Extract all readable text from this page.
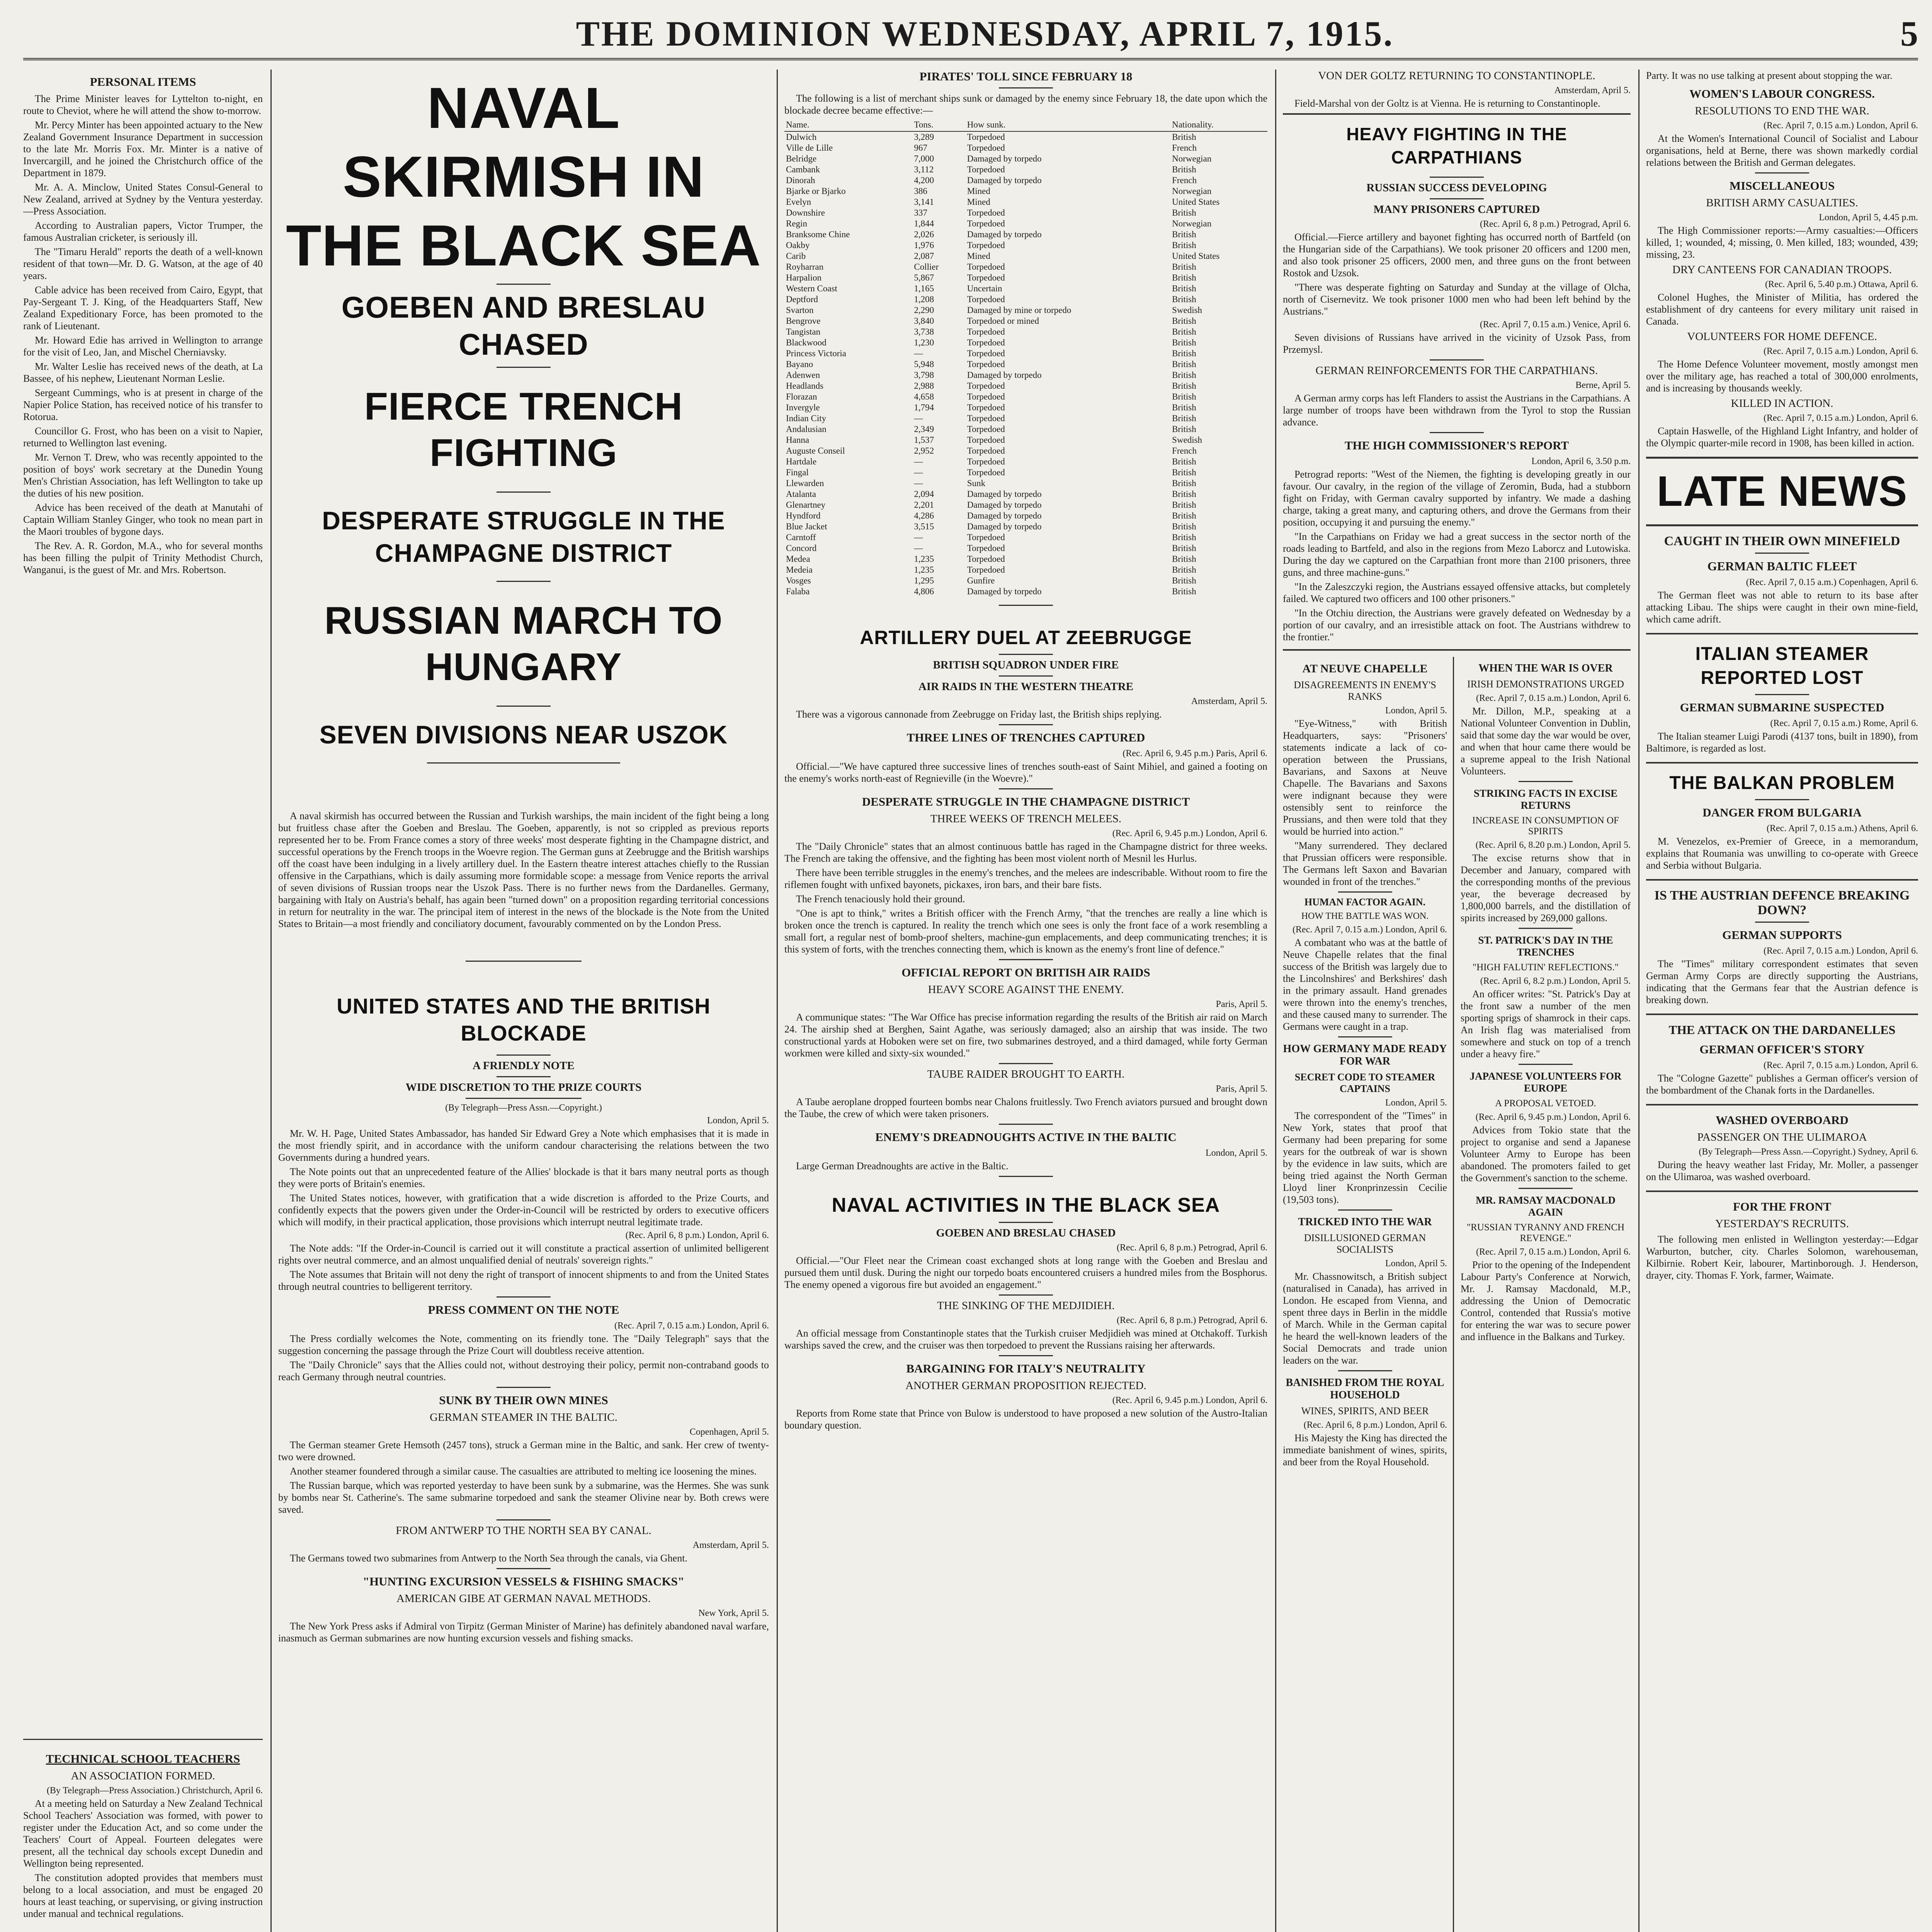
THE DOMINION WEDNESDAY, APRIL 7, 1915.	5
PERSONAL ITEMS

The Prime Minister leaves for Lyttelton to-night, en route to Cheviot, where he will attend the show to-morrow.

Mr. Percy Minter has been appointed actuary to the New Zealand Government Insurance Department in succession to the late Mr. Morris Fox. Mr. Minter is a native of Invercargill, and he joined the Christchurch office of the Department in 1879.

Mr. A. A. Minclow, United States Consul-General to New Zealand, arrived at Sydney by the Ventura yesterday.—Press Association.

According to Australian papers, Victor Trumper, the famous Australian cricketer, is seriously ill.

The "Timaru Herald" reports the death of a well-known resident of that town—Mr. D. G. Watson, at the age of 40 years.

Cable advice has been received from Cairo, Egypt, that Pay-Sergeant T. J. King, of the Headquarters Staff, New Zealand Expeditionary Force, has been promoted to the rank of Lieutenant.

Mr. Howard Edie has arrived in Wellington to arrange for the visit of Leo, Jan, and Mischel Cherniavsky.

Mr. Walter Leslie has received news of the death, at La Bassee, of his nephew, Lieutenant Norman Leslie.

Sergeant Cummings, who is at present in charge of the Napier Police Station, has received notice of his transfer to Rotorua.

Councillor G. Frost, who has been on a visit to Napier, returned to Wellington last evening.

Mr. Vernon T. Drew, who was recently appointed to the position of boys' work secretary at the Dunedin Young Men's Christian Association, has left Wellington to take up the duties of his new position.

Advice has been received of the death at Manutahi of Captain William Stanley Ginger, who took no mean part in the Maori troubles of bygone days.

The Rev. A. R. Gordon, M.A., who for several months has been filling the pulpit of Trinity Methodist Church, Wanganui, is the guest of Mr. and Mrs. Robertson.

TECHNICAL SCHOOL TEACHERS
AN ASSOCIATION FORMED.
(By Telegraph—Press Association.) Christchurch, April 6.

At a meeting held on Saturday a New Zealand Technical School Teachers' Association was formed, with power to register under the Education Act, and so come under the Teachers' Court of Appeal. Fourteen delegates were present, all the technical day schools except Dunedin and Wellington being represented.

The constitution adopted provides that members must belong to a local association, and must be engaged 20 hours at least teaching, or supervising, or giving instruction under manual and technical regulations.

NAVAL SKIRMISH IN THE BLACK SEA
GOEBEN AND BRESLAU CHASED
FIERCE TRENCH FIGHTING
DESPERATE STRUGGLE IN THE CHAMPAGNE DISTRICT
RUSSIAN MARCH TO HUNGARY
SEVEN DIVISIONS NEAR USZOK

A naval skirmish has occurred between the Russian and Turkish warships, the main incident of the fight being a long but fruitless chase after the Goeben and Breslau. The Goeben, apparently, is not so crippled as previous reports represented her to be. From France comes a story of three weeks' most desperate fighting in the Champagne district, and successful operations by the French troops in the Woevre region. The German guns at Zeebrugge and the British warships off the coast have been indulging in a lively artillery duel. In the Eastern theatre interest attaches chiefly to the Russian offensive in the Carpathians, which is daily assuming more formidable scope: a message from Venice reports the arrival of seven divisions of Russian troops near the Uszok Pass. There is no further news from the Dardanelles. Germany, bargaining with Italy on Austria's behalf, has again been "turned down" on a proposition regarding territorial concessions in return for neutrality in the war. The principal item of interest in the news of the blockade is the Note from the United States to Britain—a most friendly and conciliatory document, favourably commented on by the London Press.

UNITED STATES AND THE BRITISH BLOCKADE
A FRIENDLY NOTE
WIDE DISCRETION TO THE PRIZE COURTS
(By Telegraph—Press Assn.—Copyright.)
London, April 5.

Mr. W. H. Page, United States Ambassador, has handed Sir Edward Grey a Note which emphasises that it is made in the most friendly spirit, and in accordance with the uniform candour characterising the relations between the two Governments during a hundred years.

The Note points out that an unprecedented feature of the Allies' blockade is that it bars many neutral ports as though they were ports of Britain's enemies.

The United States notices, however, with gratification that a wide discretion is afforded to the Prize Courts, and confidently expects that the powers given under the Order-in-Council will be restricted by orders to executive officers which will modify, in their practical application, those provisions which interrupt neutral legitimate trade.

(Rec. April 6, 8 p.m.) London, April 6.

The Note adds: "If the Order-in-Council is carried out it will constitute a practical assertion of unlimited belligerent rights over neutral commerce, and an almost unqualified denial of neutrals' sovereign rights."

The Note assumes that Britain will not deny the right of transport of innocent shipments to and from the United States through neutral countries to belligerent territory.

PRESS COMMENT ON THE NOTE
(Rec. April 7, 0.15 a.m.) London, April 6.

The Press cordially welcomes the Note, commenting on its friendly tone. The "Daily Telegraph" says that the suggestion concerning the passage through the Prize Court will doubtless receive attention.

The "Daily Chronicle" says that the Allies could not, without destroying their policy, permit non-contraband goods to reach Germany through neutral countries.

SUNK BY THEIR OWN MINES
GERMAN STEAMER IN THE BALTIC.
Copenhagen, April 5.

The German steamer Grete Hemsoth (2457 tons), struck a German mine in the Baltic, and sank. Her crew of twenty-two were drowned.

Another steamer foundered through a similar cause. The casualties are attributed to melting ice loosening the mines.

The Russian barque, which was reported yesterday to have been sunk by a submarine, was the Hermes. She was sunk by bombs near St. Catherine's. The same submarine torpedoed and sank the steamer Olivine near by. Both crews were saved.

FROM ANTWERP TO THE NORTH SEA BY CANAL.
Amsterdam, April 5.

The Germans towed two submarines from Antwerp to the North Sea through the canals, via Ghent.

"HUNTING EXCURSION VESSELS & FISHING SMACKS"
AMERICAN GIBE AT GERMAN NAVAL METHODS.
New York, April 5.

The New York Press asks if Admiral von Tirpitz (German Minister of Marine) has definitely abandoned naval warfare, inasmuch as German submarines are now hunting excursion vessels and fishing smacks.

PIRATES' TOLL SINCE FEBRUARY 18

The following is a list of merchant ships sunk or damaged by the enemy since February 18, the date upon which the blockade decree became effective:—

Name.	Tons.	How sunk.	Nationality.
Dulwich	3,289	Torpedoed	British
Ville de Lille	967	Torpedoed	French
Belridge	7,000	Damaged by torpedo	Norwegian
Cambank	3,112	Torpedoed	British
Dinorah	4,200	Damaged by torpedo	French
Bjarke or Bjarko	386	Mined	Norwegian
Evelyn	3,141	Mined	United States
Downshire	337	Torpedoed	British
Regin	1,844	Torpedoed	Norwegian
Branksome Chine	2,026	Damaged by torpedo	British
Oakby	1,976	Torpedoed	British
Carib	2,087	Mined	United States
Royharran	Collier	Torpedoed	British
Harpalion	5,867	Torpedoed	British
Western Coast	1,165	Uncertain	British
Deptford	1,208	Torpedoed	British
Svarton	2,290	Damaged by mine or torpedo	Swedish
Bengrove	3,840	Torpedoed or mined	British
Tangistan	3,738	Torpedoed	British
Blackwood	1,230	Torpedoed	British
Princess Victoria	—	Torpedoed	British
Bayano	5,948	Torpedoed	British
Adenwen	3,798	Damaged by torpedo	British
Headlands	2,988	Torpedoed	British
Florazan	4,658	Torpedoed	British
Invergyle	1,794	Torpedoed	British
Indian City	—	Torpedoed	British
Andalusian	2,349	Torpedoed	British
Hanna	1,537	Torpedoed	Swedish
Auguste Conseil	2,952	Torpedoed	French
Hartdale	—	Torpedoed	British
Fingal	—	Torpedoed	British
Llewarden	—	Sunk	British
Atalanta	2,094	Damaged by torpedo	British
Glenartney	2,201	Damaged by torpedo	British
Hyndford	4,286	Damaged by torpedo	British
Blue Jacket	3,515	Damaged by torpedo	British
Carntoff	—	Torpedoed	British
Concord	—	Torpedoed	British
Medea	1,235	Torpedoed	British
Medeia	1,235	Torpedoed	British
Vosges	1,295	Gunfire	British
Falaba	4,806	Damaged by torpedo	British
ARTILLERY DUEL AT ZEEBRUGGE
BRITISH SQUADRON UNDER FIRE
AIR RAIDS IN THE WESTERN THEATRE
Amsterdam, April 5.

There was a vigorous cannonade from Zeebrugge on Friday last, the British ships replying.

THREE LINES OF TRENCHES CAPTURED
(Rec. April 6, 9.45 p.m.) Paris, April 6.

Official.—"We have captured three successive lines of trenches south-east of Saint Mihiel, and gained a footing on the enemy's works north-east of Regnieville (in the Woevre)."

DESPERATE STRUGGLE IN THE CHAMPAGNE DISTRICT
THREE WEEKS OF TRENCH MELEES.
(Rec. April 6, 9.45 p.m.) London, April 6.

The "Daily Chronicle" states that an almost continuous battle has raged in the Champagne district for three weeks. The French are taking the offensive, and the fighting has been most violent north of Mesnil les Hurlus.

There have been terrible struggles in the enemy's trenches, and the melees are indescribable. Without room to fire the riflemen fought with unfixed bayonets, pickaxes, iron bars, and their bare fists.

The French tenaciously hold their ground.

"One is apt to think," writes a British officer with the French Army, "that the trenches are really a line which is broken once the trench is captured. In reality the trench which one sees is only the front face of a work resembling a small fort, a regular nest of bomb-proof shelters, machine-gun emplacements, and deep communicating trenches; it is this system of forts, with the trenches connecting them, which is known as the enemy's front line of defence."

OFFICIAL REPORT ON BRITISH AIR RAIDS
HEAVY SCORE AGAINST THE ENEMY.
Paris, April 5.

A communique states: "The War Office has precise information regarding the results of the British air raid on March 24. The airship shed at Berghen, Saint Agathe, was seriously damaged; also an airship that was inside. The two constructional yards at Hoboken were set on fire, two submarines destroyed, and a third damaged, while forty German workmen were killed and sixty-six wounded."

TAUBE RAIDER BROUGHT TO EARTH.
Paris, April 5.

A Taube aeroplane dropped fourteen bombs near Chalons fruitlessly. Two French aviators pursued and brought down the Taube, the crew of which were taken prisoners.

ENEMY'S DREADNOUGHTS ACTIVE IN THE BALTIC
London, April 5.

Large German Dreadnoughts are active in the Baltic.

NAVAL ACTIVITIES IN THE BLACK SEA
GOEBEN AND BRESLAU CHASED
(Rec. April 6, 8 p.m.) Petrograd, April 6.

Official.—"Our Fleet near the Crimean coast exchanged shots at long range with the Goeben and Breslau and pursued them until dusk. During the night our torpedo boats encountered cruisers a hundred miles from the Bosphorus. The enemy opened a vigorous fire but avoided an engagement."

THE SINKING OF THE MEDJIDIEH.
(Rec. April 6, 8 p.m.) Petrograd, April 6.

An official message from Constantinople states that the Turkish cruiser Medjidieh was mined at Otchakoff. Turkish warships saved the crew, and the cruiser was then torpedoed to prevent the Russians raising her afterwards.

BARGAINING FOR ITALY'S NEUTRALITY
ANOTHER GERMAN PROPOSITION REJECTED.
(Rec. April 6, 9.45 p.m.) London, April 6.

Reports from Rome state that Prince von Bulow is understood to have proposed a new solution of the Austro-Italian boundary question.

VON DER GOLTZ RETURNING TO CONSTANTINOPLE.
Amsterdam, April 5.

Field-Marshal von der Goltz is at Vienna. He is returning to Constantinople.

HEAVY FIGHTING IN THE CARPATHIANS
RUSSIAN SUCCESS DEVELOPING
MANY PRISONERS CAPTURED
(Rec. April 6, 8 p.m.) Petrograd, April 6.

Official.—Fierce artillery and bayonet fighting has occurred north of Bartfeld (on the Hungarian side of the Carpathians). We took prisoner 20 officers and 1200 men, and also took prisoner 25 officers, 2000 men, and three guns on the front between Rostok and Uzsok.

"There was desperate fighting on Saturday and Sunday at the village of Olcha, north of Cisernevitz. We took prisoner 1000 men who had been left behind by the Austrians."

(Rec. April 7, 0.15 a.m.) Venice, April 6.

Seven divisions of Russians have arrived in the vicinity of Uzsok Pass, from Przemysl.

GERMAN REINFORCEMENTS FOR THE CARPATHIANS.
Berne, April 5.

A German army corps has left Flanders to assist the Austrians in the Carpathians. A large number of troops have been withdrawn from the Tyrol to stop the Russian advance.

THE HIGH COMMISSIONER'S REPORT
London, April 6, 3.50 p.m.

Petrograd reports: "West of the Niemen, the fighting is developing greatly in our favour. Our cavalry, in the region of the village of Zeromin, Buda, had a stubborn fight on Friday, with German cavalry supported by infantry. We made a dashing charge, taking a great many, and capturing others, and drove the Germans from their position, occupying it and pursuing the enemy."

"In the Carpathians on Friday we had a great success in the sector north of the roads leading to Bartfeld, and also in the regions from Mezo Laborcz and Lutowiska. During the day we captured on the Carpathian front more than 2100 prisoners, three guns, and three machine-guns."

"In the Zaleszczyki region, the Austrians essayed offensive attacks, but completely failed. We captured two officers and 100 other prisoners."

"In the Otchiu direction, the Austrians were gravely defeated on Wednesday by a portion of our cavalry, and an irresistible attack on foot. The Austrians withdrew to the frontier."

AT NEUVE CHAPELLE
DISAGREEMENTS IN ENEMY'S RANKS
London, April 5.

"Eye-Witness," with British Headquarters, says: "Prisoners' statements indicate a lack of co-operation between the Prussians, Bavarians, and Saxons at Neuve Chapelle. The Bavarians and Saxons were indignant because they were ostensibly sent to reinforce the Prussians, and then were told that they would be hurried into action."

"Many surrendered. They declared that Prussian officers were responsible. The Germans left Saxon and Bavarian wounded in front of the trenches."

HUMAN FACTOR AGAIN.
HOW THE BATTLE WAS WON.
(Rec. April 7, 0.15 a.m.) London, April 6.

A combatant who was at the battle of Neuve Chapelle relates that the final success of the British was largely due to the Lincolnshires' and Berkshires' dash in the primary assault. Hand grenades were thrown into the enemy's trenches, and these caused many to surrender. The Germans were caught in a trap.

HOW GERMANY MADE READY FOR WAR
SECRET CODE TO STEAMER CAPTAINS
London, April 5.

The correspondent of the "Times" in New York, states that proof that Germany had been preparing for some years for the outbreak of war is shown by the evidence in law suits, which are being tried against the North German Lloyd liner Kronprinzessin Cecilie (19,503 tons).

TRICKED INTO THE WAR
DISILLUSIONED GERMAN SOCIALISTS
London, April 5.

Mr. Chassnowitsch, a British subject (naturalised in Canada), has arrived in London. He escaped from Vienna, and spent three days in Berlin in the middle of March. While in the German capital he heard the well-known leaders of the Social Democrats and trade union leaders on the war.

BANISHED FROM THE ROYAL HOUSEHOLD
WINES, SPIRITS, AND BEER
(Rec. April 6, 8 p.m.) London, April 6.

His Majesty the King has directed the immediate banishment of wines, spirits, and beer from the Royal Household.

WHEN THE WAR IS OVER
IRISH DEMONSTRATIONS URGED
(Rec. April 7, 0.15 a.m.) London, April 6.

Mr. Dillon, M.P., speaking at a National Volunteer Convention in Dublin, said that some day the war would be over, and when that hour came there would be a supreme appeal to the Irish National Volunteers.

STRIKING FACTS IN EXCISE RETURNS
INCREASE IN CONSUMPTION OF SPIRITS
(Rec. April 6, 8.20 p.m.) London, April 5.

The excise returns show that in December and January, compared with the corresponding months of the previous year, the beverage decreased by 1,800,000 barrels, and the distillation of spirits increased by 269,000 gallons.

ST. PATRICK'S DAY IN THE TRENCHES
"HIGH FALUTIN' REFLECTIONS."
(Rec. April 6, 8.2 p.m.) London, April 5.

An officer writes: "St. Patrick's Day at the front saw a number of the men sporting sprigs of shamrock in their caps. An Irish flag was materialised from somewhere and stuck on top of a trench under a heavy fire."

JAPANESE VOLUNTEERS FOR EUROPE
A PROPOSAL VETOED.
(Rec. April 6, 9.45 p.m.) London, April 6.

Advices from Tokio state that the project to organise and send a Japanese Volunteer Army to Europe has been abandoned. The promoters failed to get the Government's sanction to the scheme.

MR. RAMSAY MACDONALD AGAIN
"RUSSIAN TYRANNY AND FRENCH REVENGE."
(Rec. April 7, 0.15 a.m.) London, April 6.

Prior to the opening of the Independent Labour Party's Conference at Norwich, Mr. J. Ramsay Macdonald, M.P., addressing the Union of Democratic Control, contended that Russia's motive for entering the war was to secure power and influence in the Balkans and Turkey.

Party. It was no use talking at present about stopping the war.

WOMEN'S LABOUR CONGRESS.
RESOLUTIONS TO END THE WAR.
(Rec. April 7, 0.15 a.m.) London, April 6.

At the Women's International Council of Socialist and Labour organisations, held at Berne, there was shown markedly cordial relations between the British and German delegates.

MISCELLANEOUS
BRITISH ARMY CASUALTIES.
London, April 5, 4.45 p.m.

The High Commissioner reports:—Army casualties:—Officers killed, 1; wounded, 4; missing, 0. Men killed, 183; wounded, 439; missing, 23.

DRY CANTEENS FOR CANADIAN TROOPS.
(Rec. April 6, 5.40 p.m.) Ottawa, April 6.

Colonel Hughes, the Minister of Militia, has ordered the establishment of dry canteens for every military unit raised in Canada.

VOLUNTEERS FOR HOME DEFENCE.
(Rec. April 7, 0.15 a.m.) London, April 6.

The Home Defence Volunteer movement, mostly amongst men over the military age, has reached a total of 300,000 enrolments, and is increasing by thousands weekly.

KILLED IN ACTION.
(Rec. April 7, 0.15 a.m.) London, April 6.

Captain Haswelle, of the Highland Light Infantry, and holder of the Olympic quarter-mile record in 1908, has been killed in action.

LATE NEWS
CAUGHT IN THEIR OWN MINEFIELD
GERMAN BALTIC FLEET
(Rec. April 7, 0.15 a.m.) Copenhagen, April 6.

The German fleet was not able to return to its base after attacking Libau. The ships were caught in their own mine-field, which came adrift.

ITALIAN STEAMER REPORTED LOST
GERMAN SUBMARINE SUSPECTED
(Rec. April 7, 0.15 a.m.) Rome, April 6.

The Italian steamer Luigi Parodi (4137 tons, built in 1890), from Baltimore, is regarded as lost.

THE BALKAN PROBLEM
DANGER FROM BULGARIA
(Rec. April 7, 0.15 a.m.) Athens, April 6.

M. Venezelos, ex-Premier of Greece, in a memorandum, explains that Roumania was unwilling to co-operate with Greece and Serbia without Bulgaria.

IS THE AUSTRIAN DEFENCE BREAKING DOWN?
GERMAN SUPPORTS
(Rec. April 7, 0.15 a.m.) London, April 6.

The "Times" military correspondent estimates that seven German Army Corps are directly supporting the Austrians, indicating that the Germans fear that the Austrian defence is breaking down.

THE ATTACK ON THE DARDANELLES
GERMAN OFFICER'S STORY
(Rec. April 7, 0.15 a.m.) London, April 6.

The "Cologne Gazette" publishes a German officer's version of the bombardment of the Chanak forts in the Dardanelles.

WASHED OVERBOARD
PASSENGER ON THE ULIMAROA
(By Telegraph—Press Assn.—Copyright.) Sydney, April 6.

During the heavy weather last Friday, Mr. Moller, a passenger on the Ulimaroa, was washed overboard.

FOR THE FRONT
YESTERDAY'S RECRUITS.

The following men enlisted in Wellington yesterday:—Edgar Warburton, butcher, city. Charles Solomon, warehouseman, Kilbirnie. Robert Keir, labourer, Martinborough. J. Henderson, drayer, city. Thomas F. York, farmer, Waimate.
